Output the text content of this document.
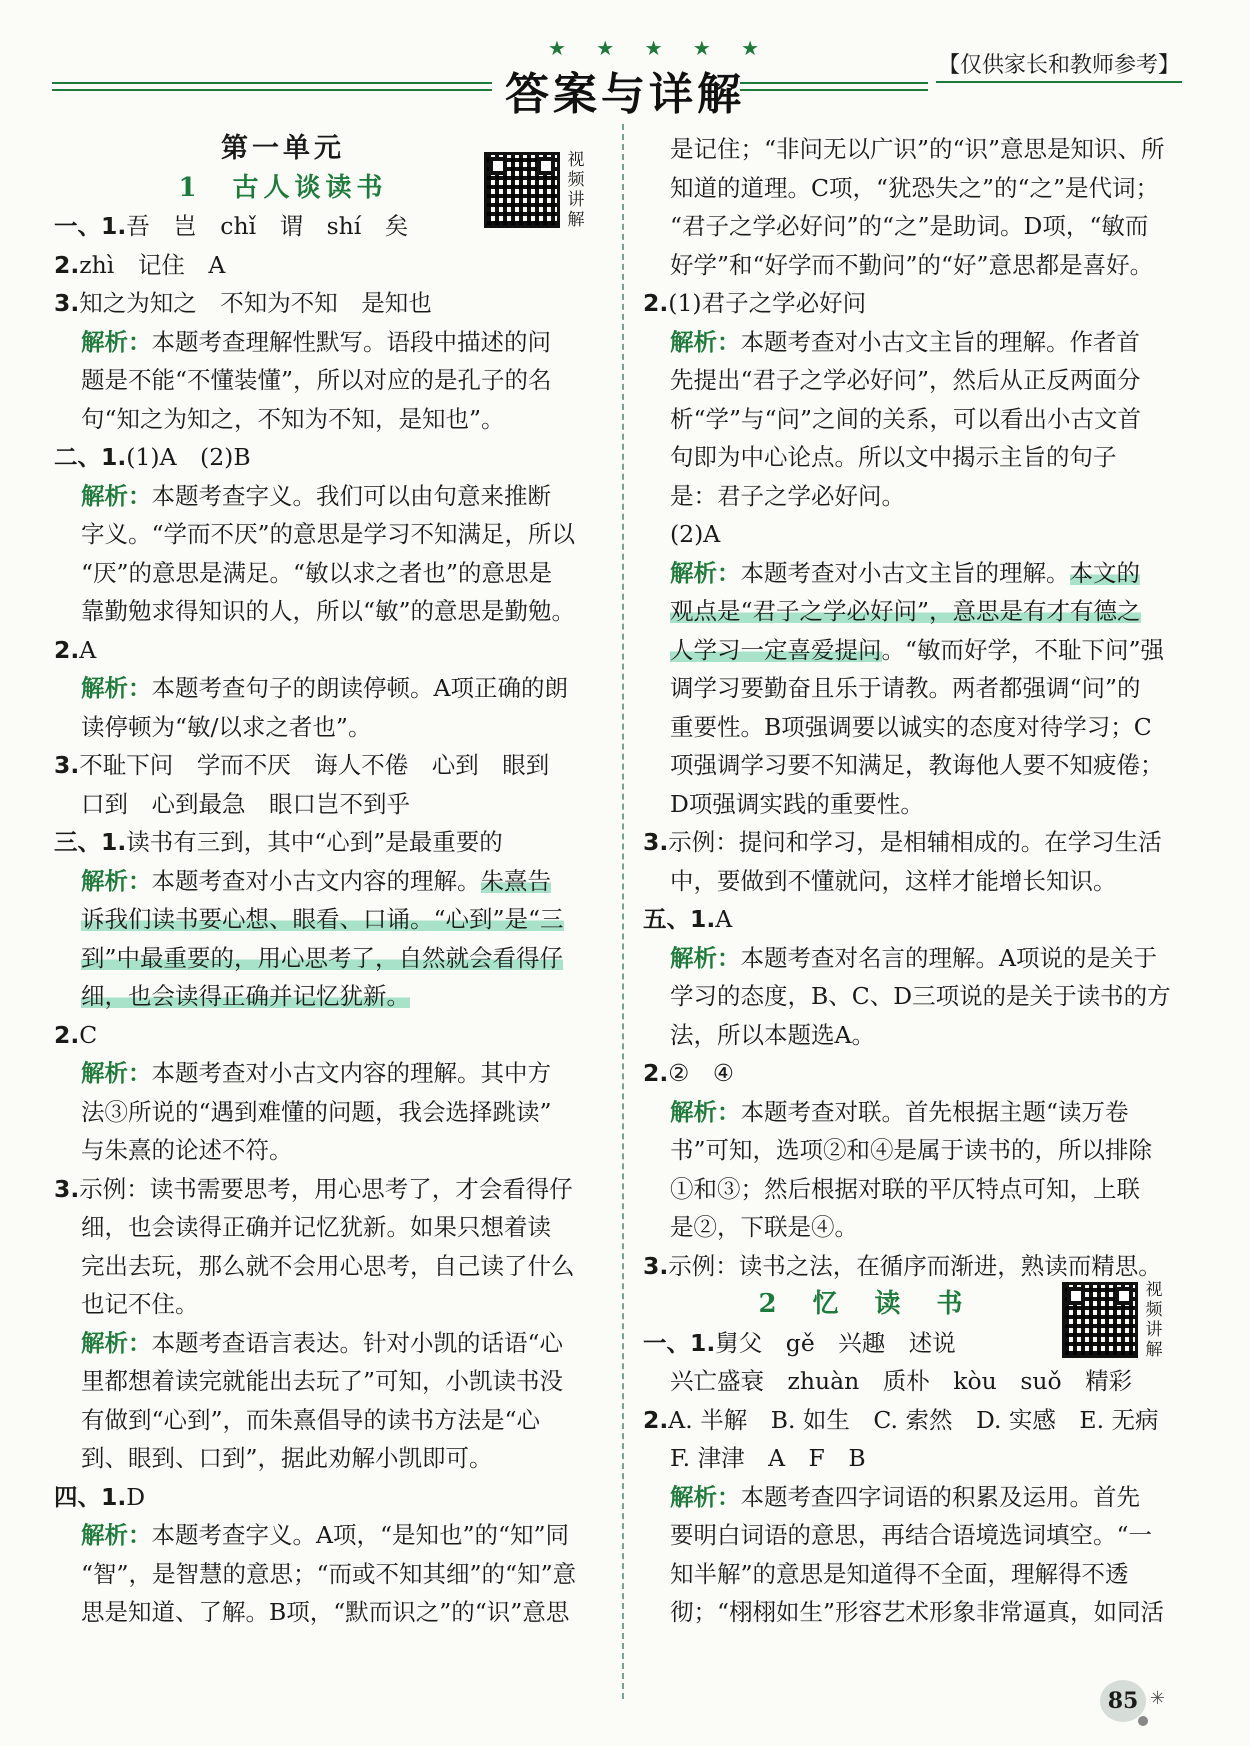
★ ★ ★ ★ ★
答案与详解
【仅供家长和教师参考】
第一单元
1　古人谈读书
一、1.吾　岂　chǐ　谓　shí　矣
2.zhì　记住　A
3.知之为知之　不知为不知　是知也
解析：本题考查理解性默写。语段中描述的问
题是不能“不懂装懂”，所以对应的是孔子的名
句“知之为知之，不知为不知，是知也”。
二、1.(1)A　(2)B
解析：本题考查字义。我们可以由句意来推断
字义。“学而不厌”的意思是学习不知满足，所以
“厌”的意思是满足。“敏以求之者也”的意思是
靠勤勉求得知识的人，所以“敏”的意思是勤勉。
2.A
解析：本题考查句子的朗读停顿。A项正确的朗
读停顿为“敏/以求之者也”。
3.不耻下问　学而不厌　诲人不倦　心到　眼到
口到　心到最急　眼口岂不到乎
三、1.读书有三到，其中“心到”是最重要的
解析：本题考查对小古文内容的理解。朱熹告
诉我们读书要心想、眼看、口诵。“心到”是“三
到”中最重要的，用心思考了，自然就会看得仔
细，也会读得正确并记忆犹新。
2.C
解析：本题考查对小古文内容的理解。其中方
法③所说的“遇到难懂的问题，我会选择跳读”
与朱熹的论述不符。
3.示例：读书需要思考，用心思考了，才会看得仔
细，也会读得正确并记忆犹新。如果只想着读
完出去玩，那么就不会用心思考，自己读了什么
也记不住。
解析：本题考查语言表达。针对小凯的话语“心
里都想着读完就能出去玩了”可知，小凯读书没
有做到“心到”，而朱熹倡导的读书方法是“心
到、眼到、口到”，据此劝解小凯即可。
四、1.D
解析：本题考查字义。A项，“是知也”的“知”同
“智”，是智慧的意思；“而或不知其细”的“知”意
思是知道、了解。B项，“默而识之”的“识”意思
是记住；“非问无以广识”的“识”意思是知识、所
知道的道理。C项，“犹恐失之”的“之”是代词；
“君子之学必好问”的“之”是助词。D项，“敏而
好学”和“好学而不勤问”的“好”意思都是喜好。
2.(1)君子之学必好问
解析：本题考查对小古文主旨的理解。作者首
先提出“君子之学必好问”，然后从正反两面分
析“学”与“问”之间的关系，可以看出小古文首
句即为中心论点。所以文中揭示主旨的句子
是：君子之学必好问。
(2)A
解析：本题考查对小古文主旨的理解。本文的
观点是“君子之学必好问”，意思是有才有德之
人学习一定喜爱提问。“敏而好学，不耻下问”强
调学习要勤奋且乐于请教。两者都强调“问”的
重要性。B项强调要以诚实的态度对待学习；C
项强调学习要不知满足，教诲他人要不知疲倦；
D项强调实践的重要性。
3.示例：提问和学习，是相辅相成的。在学习生活
中，要做到不懂就问，这样才能增长知识。
五、1.A
解析：本题考查对名言的理解。A项说的是关于
学习的态度，B、C、D三项说的是关于读书的方
法，所以本题选A。
2.②　④
解析：本题考查对联。首先根据主题“读万卷
书”可知，选项②和④是属于读书的，所以排除
①和③；然后根据对联的平仄特点可知，上联
是②，下联是④。
3.示例：读书之法，在循序而渐进，熟读而精思。
2　忆　读　书
一、1.舅父　gě　兴趣　述说
兴亡盛衰　zhuàn　质朴　kòu　suǒ　精彩
2.A. 半解　B. 如生　C. 索然　D. 实感　E. 无病
F. 津津　A　F　B
解析：本题考查四字词语的积累及运用。首先
要明白词语的意思，再结合语境选词填空。“一
知半解”的意思是知道得不全面，理解得不透
彻；“栩栩如生”形容艺术形象非常逼真，如同活
视频讲解
视频讲解
85 ✳
